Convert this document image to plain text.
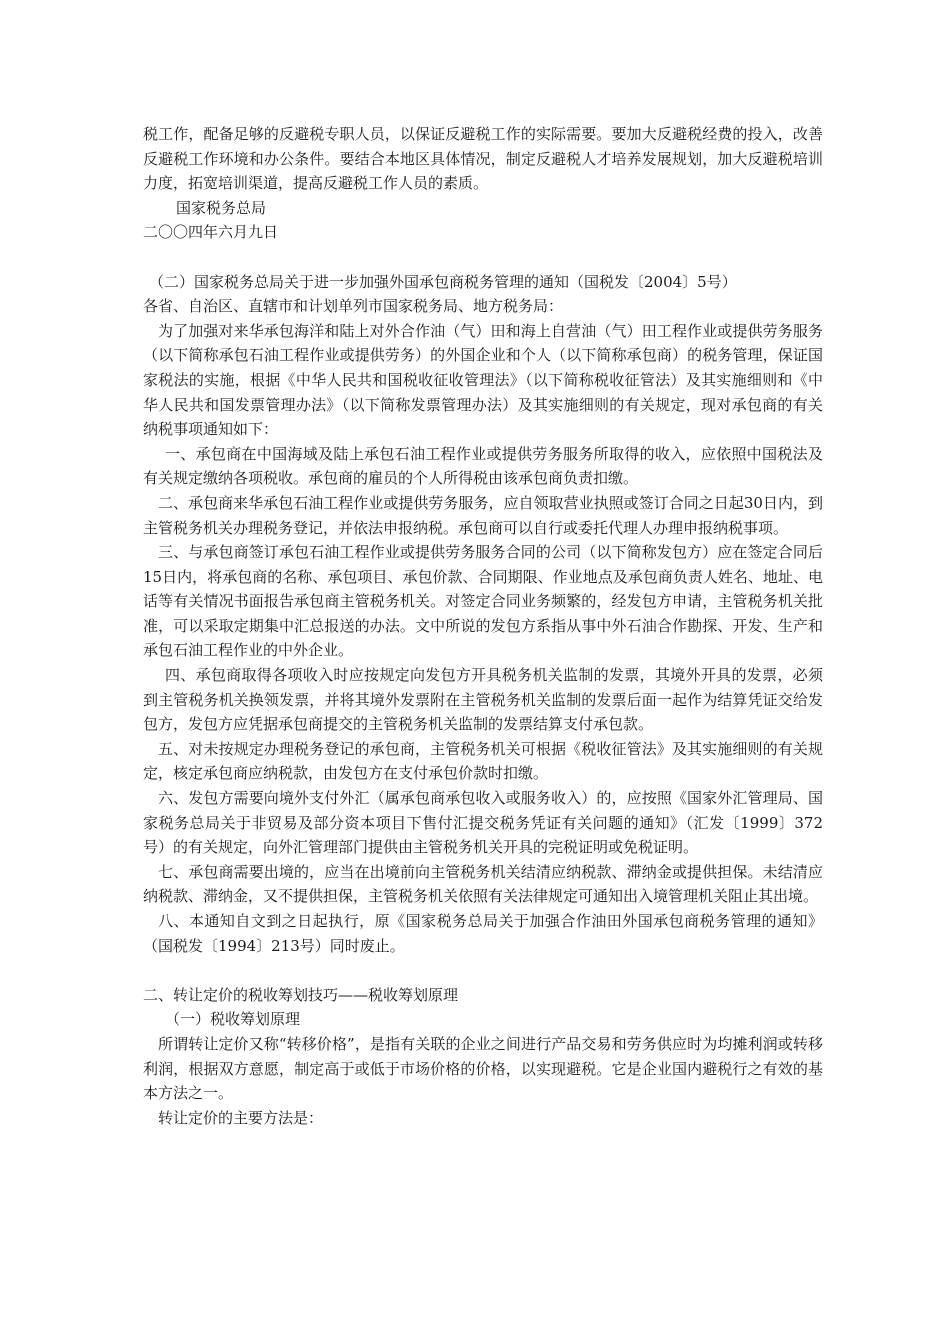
税工作，配备足够的反避税专职人员，以保证反避税工作的实际需要。要加大反避税经费的投入，改善反避税工作环境和办公条件。要结合本地区具体情况，制定反避税人才培养发展规划，加大反避税培训力度，拓宽培训渠道，提高反避税工作人员的素质。

国家税务总局

二〇〇四年六月九日

（二）国家税务总局关于进一步加强外国承包商税务管理的通知（国税发〔2004〕5号）

各省、自治区、直辖市和计划单列市国家税务局、地方税务局：

为了加强对来华承包海洋和陆上对外合作油（气）田和海上自营油（气）田工程作业或提供劳务服务（以下简称承包石油工程作业或提供劳务）的外国企业和个人（以下简称承包商）的税务管理，保证国家税法的实施，根据《中华人民共和国税收征收管理法》（以下简称税收征管法）及其实施细则和《中华人民共和国发票管理办法》（以下简称发票管理办法）及其实施细则的有关规定，现对承包商的有关纳税事项通知如下：

一、承包商在中国海域及陆上承包石油工程作业或提供劳务服务所取得的收入，应依照中国税法及有关规定缴纳各项税收。承包商的雇员的个人所得税由该承包商负责扣缴。

二、承包商来华承包石油工程作业或提供劳务服务，应自领取营业执照或签订合同之日起30日内，到主管税务机关办理税务登记，并依法申报纳税。承包商可以自行或委托代理人办理申报纳税事项。

三、与承包商签订承包石油工程作业或提供劳务服务合同的公司（以下简称发包方）应在签定合同后15日内，将承包商的名称、承包项目、承包价款、合同期限、作业地点及承包商负责人姓名、地址、电话等有关情况书面报告承包商主管税务机关。对签定合同业务频繁的，经发包方申请，主管税务机关批准，可以采取定期集中汇总报送的办法。文中所说的发包方系指从事中外石油合作勘探、开发、生产和承包石油工程作业的中外企业。

四、承包商取得各项收入时应按规定向发包方开具税务机关监制的发票，其境外开具的发票，必须到主管税务机关换领发票，并将其境外发票附在主管税务机关监制的发票后面一起作为结算凭证交给发包方，发包方应凭据承包商提交的主管税务机关监制的发票结算支付承包款。

五、对未按规定办理税务登记的承包商，主管税务机关可根据《税收征管法》及其实施细则的有关规定，核定承包商应纳税款，由发包方在支付承包价款时扣缴。

六、发包方需要向境外支付外汇（属承包商承包收入或服务收入）的，应按照《国家外汇管理局、国家税务总局关于非贸易及部分资本项目下售付汇提交税务凭证有关问题的通知》（汇发〔1999〕372号）的有关规定，向外汇管理部门提供由主管税务机关开具的完税证明或免税证明。

七、承包商需要出境的，应当在出境前向主管税务机关结清应纳税款、滞纳金或提供担保。未结清应纳税款、滞纳金，又不提供担保，主管税务机关依照有关法律规定可通知出入境管理机关阻止其出境。

八、本通知自文到之日起执行，原《国家税务总局关于加强合作油田外国承包商税务管理的通知》（国税发〔1994〕213号）同时废止。

二、转让定价的税收筹划技巧——税收筹划原理

（一）税收筹划原理

所谓转让定价又称“转移价格”，是指有关联的企业之间进行产品交易和劳务供应时为均摊利润或转移利润，根据双方意愿，制定高于或低于市场价格的价格，以实现避税。它是企业国内避税行之有效的基本方法之一。

转让定价的主要方法是：
